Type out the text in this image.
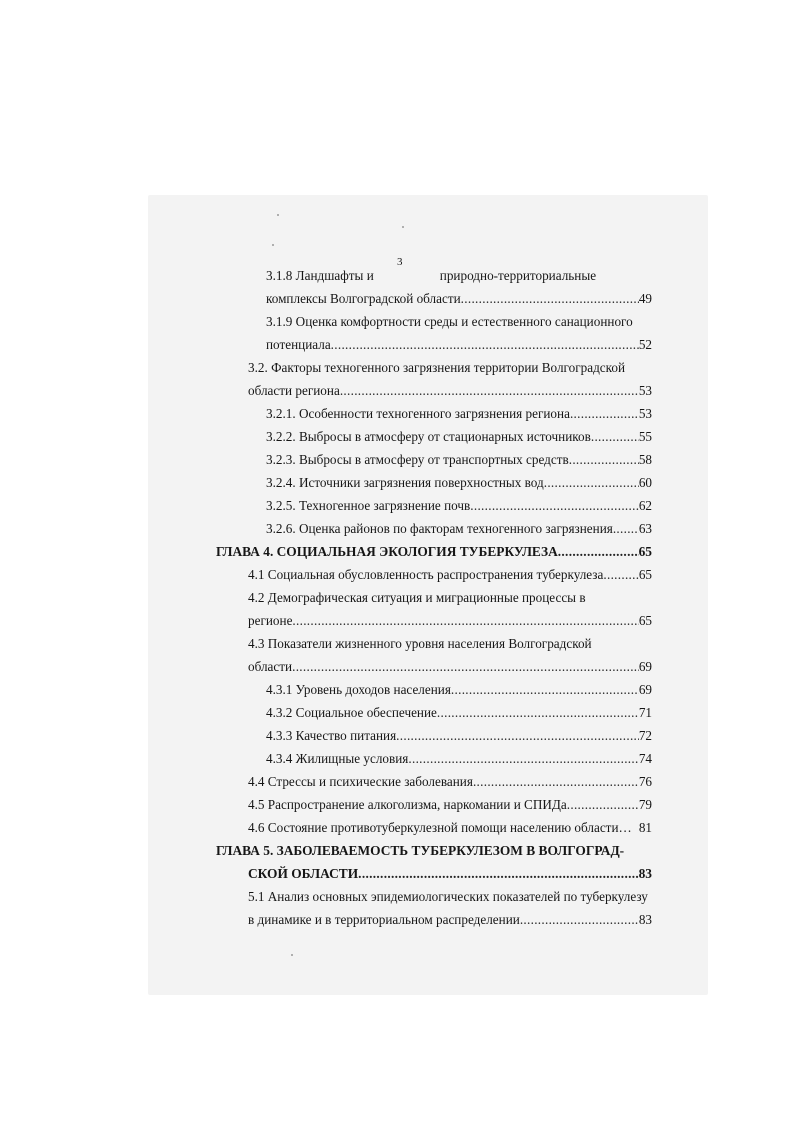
3
3.1.8 Ландшафты и	природно-территориальные
комплексы Волгоградской области .....	49
3.1.9 Оценка комфортности среды и естественного санационного
потенциала .....	52
3.2. Факторы техногенного загрязнения территории Волгоградской
области региона .....	53
3.2.1. Особенности техногенного загрязнения региона .....	53
3.2.2. Выбросы в атмосферу от стационарных источников .....	55
3.2.3. Выбросы в атмосферу от транспортных средств .....	58
3.2.4. Источники загрязнения поверхностных вод .....	60
3.2.5. Техногенное загрязнение почв .....	62
3.2.6. Оценка районов по факторам техногенного загрязнения ..... 63
ГЛАВА 4. СОЦИАЛЬНАЯ ЭКОЛОГИЯ ТУБЕРКУЛЕЗА .....	65
4.1 Социальная обусловленность распространения туберкулеза .....	65
4.2 Демографическая ситуация и миграционные процессы в
регионе .....	65
4.3 Показатели жизненного уровня населения Волгоградской
области .....	69
4.3.1 Уровень доходов населения .....	69
4.3.2 Социальное обеспечение .....	71
4.3.3 Качество питания .....	72
4.3.4 Жилищные условия .....	74
4.4 Стрессы и психические заболевания .....	76
4.5 Распространение алкоголизма, наркомании и СПИДа .....	79
4.6 Состояние противотуберкулезной помощи населению области… 81
ГЛАВА 5. ЗАБОЛЕВАЕМОСТЬ ТУБЕРКУЛЕЗОМ В ВОЛГОГРАД-
СКОЙ ОБЛАСТИ .....	83
5.1 Анализ основных эпидемиологических показателей по туберкулезу
в динамике и в территориальном распределении .....	83
